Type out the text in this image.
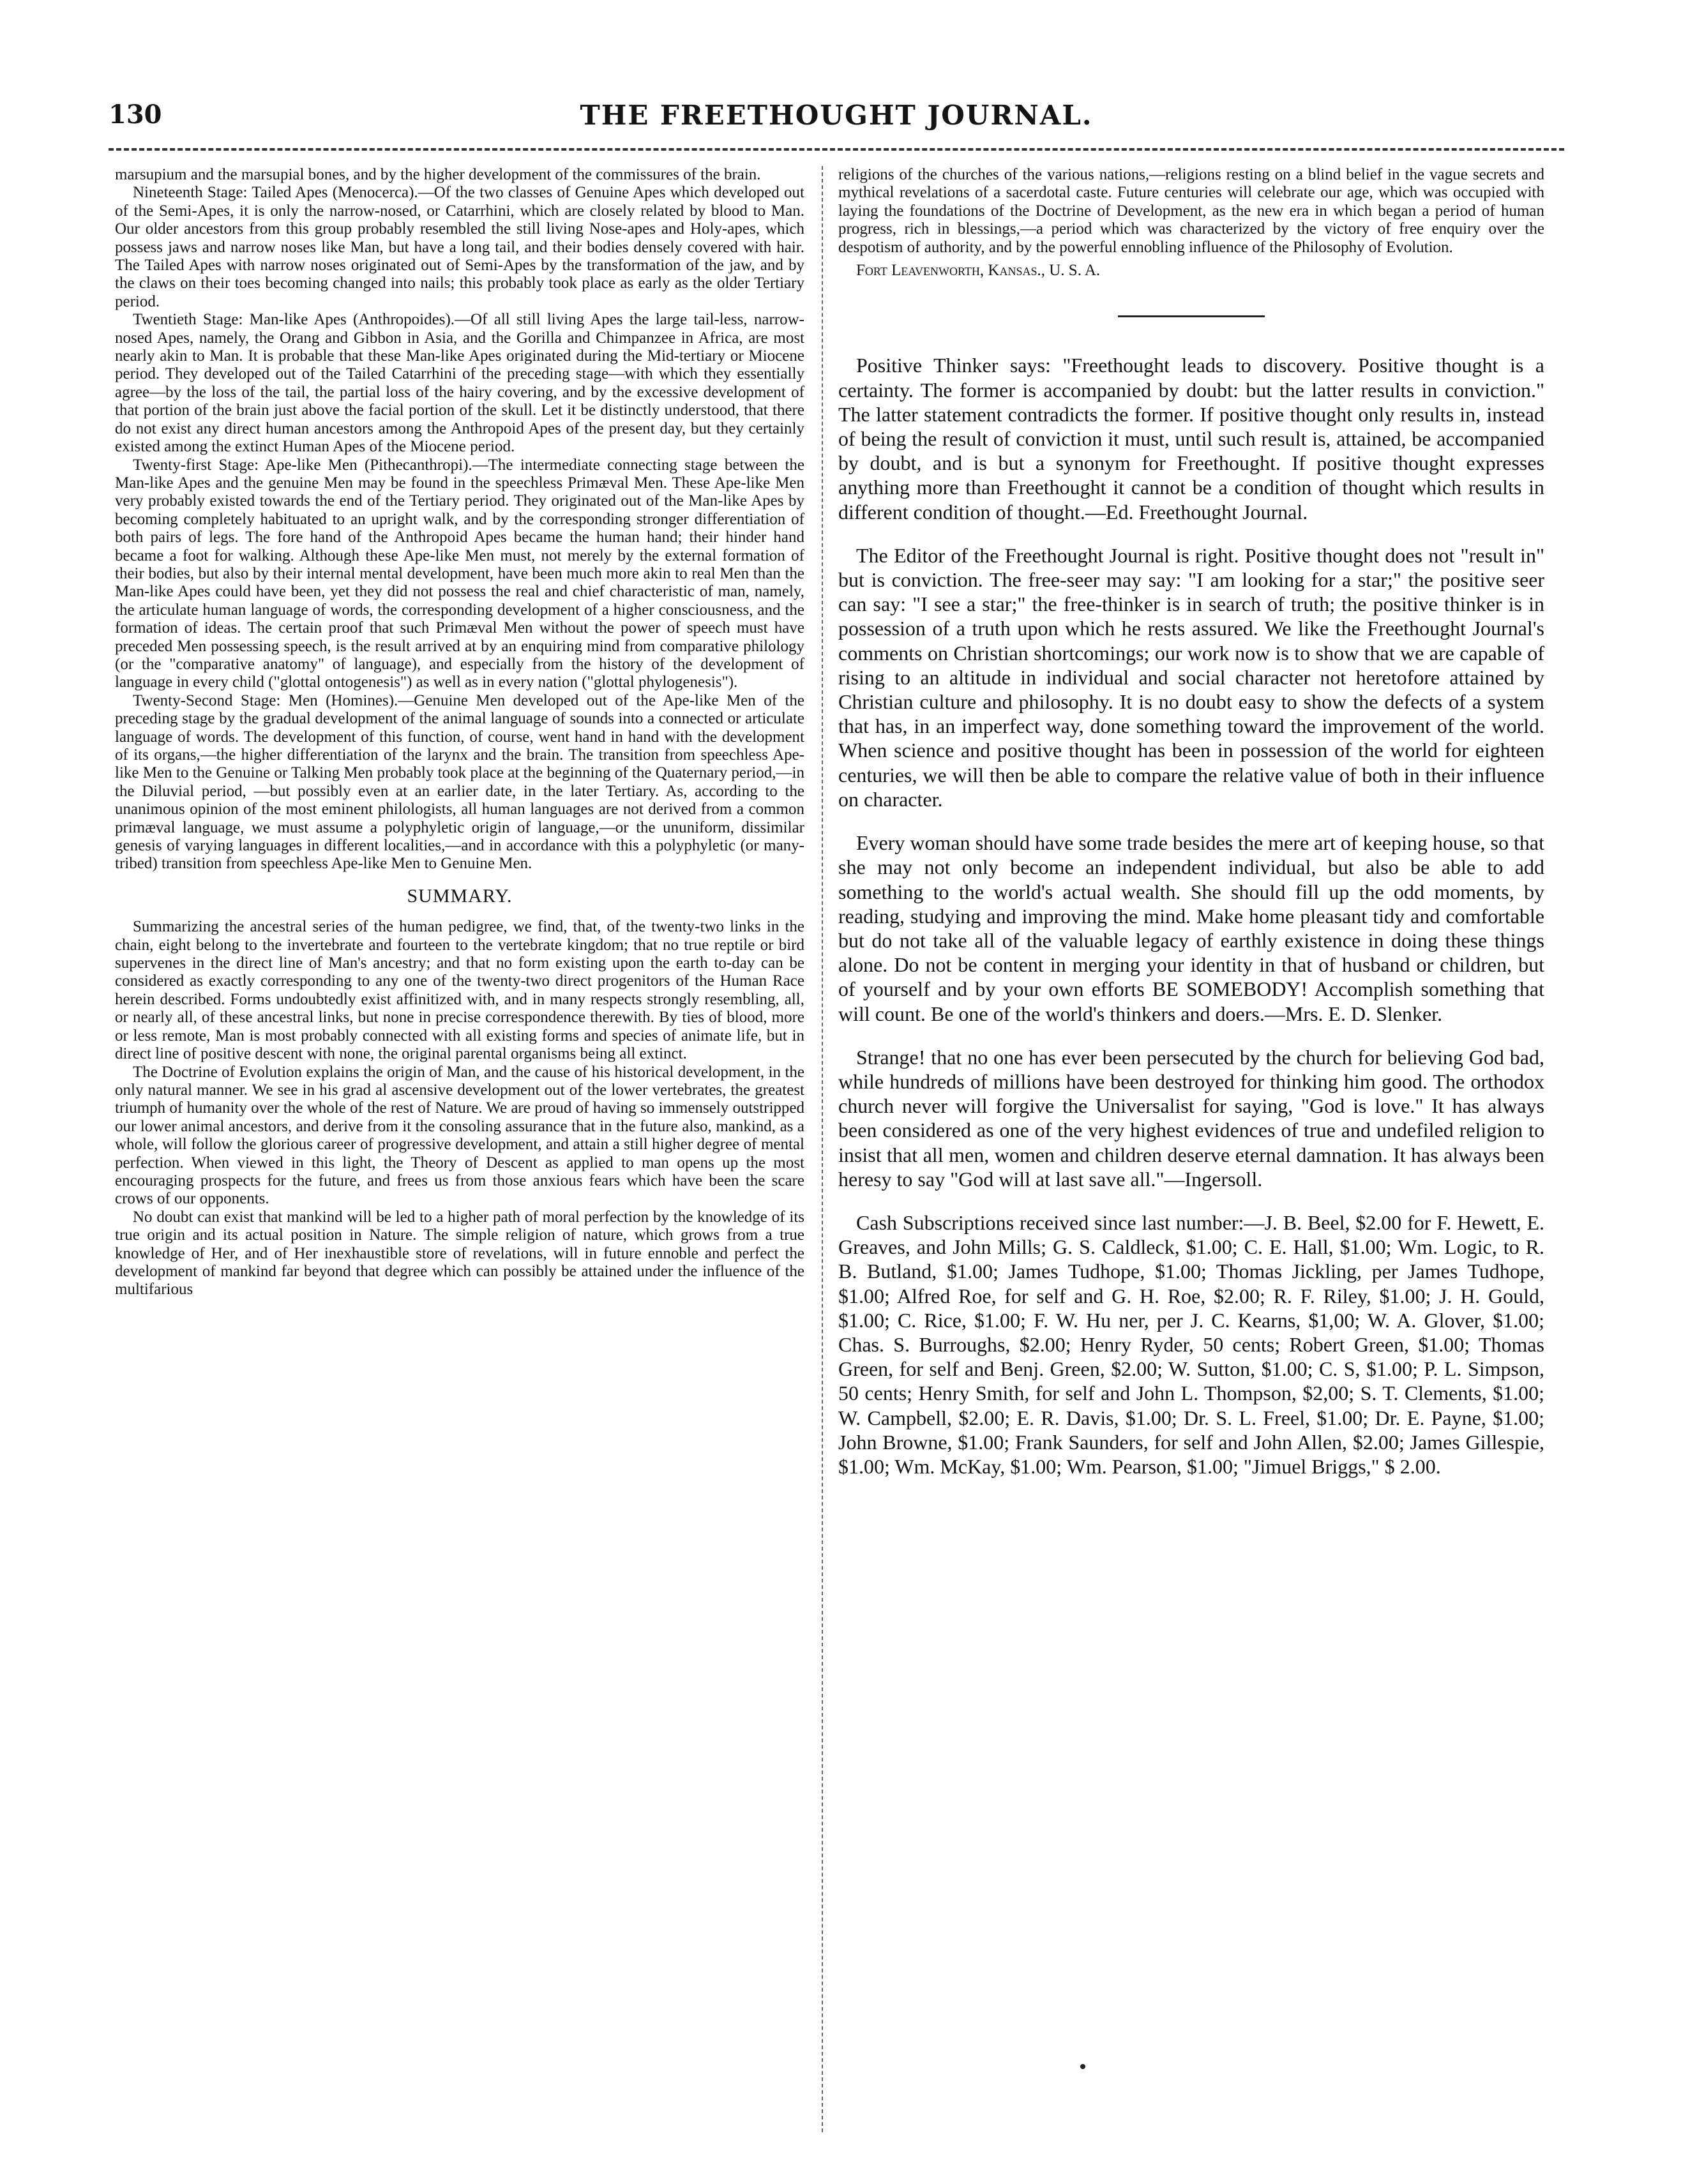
130	THE FREETHOUGHT JOURNAL.

marsupium and the marsupial bones, and by the higher development of the commissures of the brain.

Nineteenth Stage: Tailed Apes (Menocerca).—Of the two classes of Genuine Apes which developed out of the Semi-Apes, it is only the narrow-nosed, or Catarrhini, which are closely related by blood to Man. Our older ancestors from this group probably resembled the still living Nose-apes and Holy-apes, which possess jaws and narrow noses like Man, but have a long tail, and their bodies densely covered with hair. The Tailed Apes with narrow noses originated out of Semi-Apes by the transformation of the jaw, and by the claws on their toes becoming changed into nails; this probably took place as early as the older Tertiary period.

Twentieth Stage: Man-like Apes (Anthropoides).—Of all still living Apes the large tail-less, narrow-nosed Apes, namely, the Orang and Gibbon in Asia, and the Gorilla and Chimpanzee in Africa, are most nearly akin to Man. It is probable that these Man-like Apes originated during the Mid-tertiary or Miocene period. They developed out of the Tailed Catarrhini of the preceding stage—with which they essentially agree—by the loss of the tail, the partial loss of the hairy covering, and by the excessive development of that portion of the brain just above the facial portion of the skull. Let it be distinctly understood, that there do not exist any direct human ancestors among the Anthropoid Apes of the present day, but they certainly existed among the extinct Human Apes of the Miocene period.

Twenty-first Stage: Ape-like Men (Pithecanthropi).—The intermediate connecting stage between the Man-like Apes and the genuine Men may be found in the speechless Primæval Men. These Ape-like Men very probably existed towards the end of the Tertiary period. They originated out of the Man-like Apes by becoming completely habituated to an upright walk, and by the corresponding stronger differentiation of both pairs of legs. The fore hand of the Anthropoid Apes became the human hand; their hinder hand became a foot for walking. Although these Ape-like Men must, not merely by the external formation of their bodies, but also by their internal mental development, have been much more akin to real Men than the Man-like Apes could have been, yet they did not possess the real and chief characteristic of man, namely, the articulate human language of words, the corresponding development of a higher consciousness, and the formation of ideas. The certain proof that such Primæval Men without the power of speech must have preceded Men possessing speech, is the result arrived at by an enquiring mind from comparative philology (or the "comparative anatomy" of language), and especially from the history of the development of language in every child ("glottal ontogenesis") as well as in every nation ("glottal phylogenesis").

Twenty-Second Stage: Men (Homines).—Genuine Men developed out of the Ape-like Men of the preceding stage by the gradual development of the animal language of sounds into a connected or articulate language of words. The development of this function, of course, went hand in hand with the development of its organs,—the higher differentiation of the larynx and the brain. The transition from speechless Ape-like Men to the Genuine or Talking Men probably took place at the beginning of the Quaternary period,—in the Diluvial period, —but possibly even at an earlier date, in the later Tertiary. As, according to the unanimous opinion of the most eminent philologists, all human languages are not derived from a common primæval language, we must assume a polyphyletic origin of language,—or the ununiform, dissimilar genesis of varying languages in different localities,—and in accordance with this a polyphyletic (or many-tribed) transition from speechless Ape-like Men to Genuine Men.

SUMMARY.

Summarizing the ancestral series of the human pedigree, we find, that, of the twenty-two links in the chain, eight belong to the invertebrate and fourteen to the vertebrate kingdom; that no true reptile or bird supervenes in the direct line of Man's ancestry; and that no form existing upon the earth to-day can be considered as exactly corresponding to any one of the twenty-two direct progenitors of the Human Race herein described. Forms undoubtedly exist affinitized with, and in many respects strongly resembling, all, or nearly all, of these ancestral links, but none in precise correspondence therewith. By ties of blood, more or less remote, Man is most probably connected with all existing forms and species of animate life, but in direct line of positive descent with none, the original parental organisms being all extinct.

The Doctrine of Evolution explains the origin of Man, and the cause of his historical development, in the only natural manner. We see in his grad al ascensive development out of the lower vertebrates, the greatest triumph of humanity over the whole of the rest of Nature. We are proud of having so immensely outstripped our lower animal ancestors, and derive from it the consoling assurance that in the future also, mankind, as a whole, will follow the glorious career of progressive development, and attain a still higher degree of mental perfection. When viewed in this light, the Theory of Descent as applied to man opens up the most encouraging prospects for the future, and frees us from those anxious fears which have been the scare crows of our opponents.

No doubt can exist that mankind will be led to a higher path of moral perfection by the knowledge of its true origin and its actual position in Nature. The simple religion of nature, which grows from a true knowledge of Her, and of Her inexhaustible store of revelations, will in future ennoble and perfect the development of mankind far beyond that degree which can possibly be attained under the influence of the multifarious

religions of the churches of the various nations,—religions resting on a blind belief in the vague secrets and mythical revelations of a sacerdotal caste. Future centuries will celebrate our age, which was occupied with laying the foundations of the Doctrine of Development, as the new era in which began a period of human progress, rich in blessings,—a period which was characterized by the victory of free enquiry over the despotism of authority, and by the powerful ennobling influence of the Philosophy of Evolution.

Fort Leavenworth, Kansas., U. S. A.

Positive Thinker says: "Freethought leads to discovery. Positive thought is a certainty. The former is accompanied by doubt: but the latter results in conviction." The latter statement contradicts the former. If positive thought only results in, instead of being the result of conviction it must, until such result is, attained, be accompanied by doubt, and is but a synonym for Freethought. If positive thought expresses anything more than Freethought it cannot be a condition of thought which results in different condition of thought.—Ed. Freethought Journal.

The Editor of the Freethought Journal is right. Positive thought does not "result in" but is conviction. The free-seer may say: "I am looking for a star;" the positive seer can say: "I see a star;" the free-thinker is in search of truth; the positive thinker is in possession of a truth upon which he rests assured. We like the Freethought Journal's comments on Christian shortcomings; our work now is to show that we are capable of rising to an altitude in individual and social character not heretofore attained by Christian culture and philosophy. It is no doubt easy to show the defects of a system that has, in an imperfect way, done something toward the improvement of the world. When science and positive thought has been in possession of the world for eighteen centuries, we will then be able to compare the relative value of both in their influence on character.

Every woman should have some trade besides the mere art of keeping house, so that she may not only become an independent individual, but also be able to add something to the world's actual wealth. She should fill up the odd moments, by reading, studying and improving the mind. Make home pleasant tidy and comfortable but do not take all of the valuable legacy of earthly existence in doing these things alone. Do not be content in merging your identity in that of husband or children, but of yourself and by your own efforts BE SOMEBODY! Accomplish something that will count. Be one of the world's thinkers and doers.—Mrs. E. D. Slenker.

Strange! that no one has ever been persecuted by the church for believing God bad, while hundreds of millions have been destroyed for thinking him good. The orthodox church never will forgive the Universalist for saying, "God is love." It has always been considered as one of the very highest evidences of true and undefiled religion to insist that all men, women and children deserve eternal damnation. It has always been heresy to say "God will at last save all."—Ingersoll.

Cash Subscriptions received since last number:—J. B. Beel, $2.00 for F. Hewett, E. Greaves, and John Mills; G. S. Caldleck, $1.00; C. E. Hall, $1.00; Wm. Logic, to R. B. Butland, $1.00; James Tudhope, $1.00; Thomas Jickling, per James Tudhope, $1.00; Alfred Roe, for self and G. H. Roe, $2.00; R. F. Riley, $1.00; J. H. Gould, $1.00; C. Rice, $1.00; F. W. Hu ner, per J. C. Kearns, $1,00; W. A. Glover, $1.00; Chas. S. Burroughs, $2.00; Henry Ryder, 50 cents; Robert Green, $1.00; Thomas Green, for self and Benj. Green, $2.00; W. Sutton, $1.00; C. S, $1.00; P. L. Simpson, 50 cents; Henry Smith, for self and John L. Thompson, $2,00; S. T. Clements, $1.00; W. Campbell, $2.00; E. R. Davis, $1.00; Dr. S. L. Freel, $1.00; Dr. E. Payne, $1.00; John Browne, $1.00; Frank Saunders, for self and John Allen, $2.00; James Gillespie, $1.00; Wm. McKay, $1.00; Wm. Pearson, $1.00; "Jimuel Briggs," $ 2.00.
